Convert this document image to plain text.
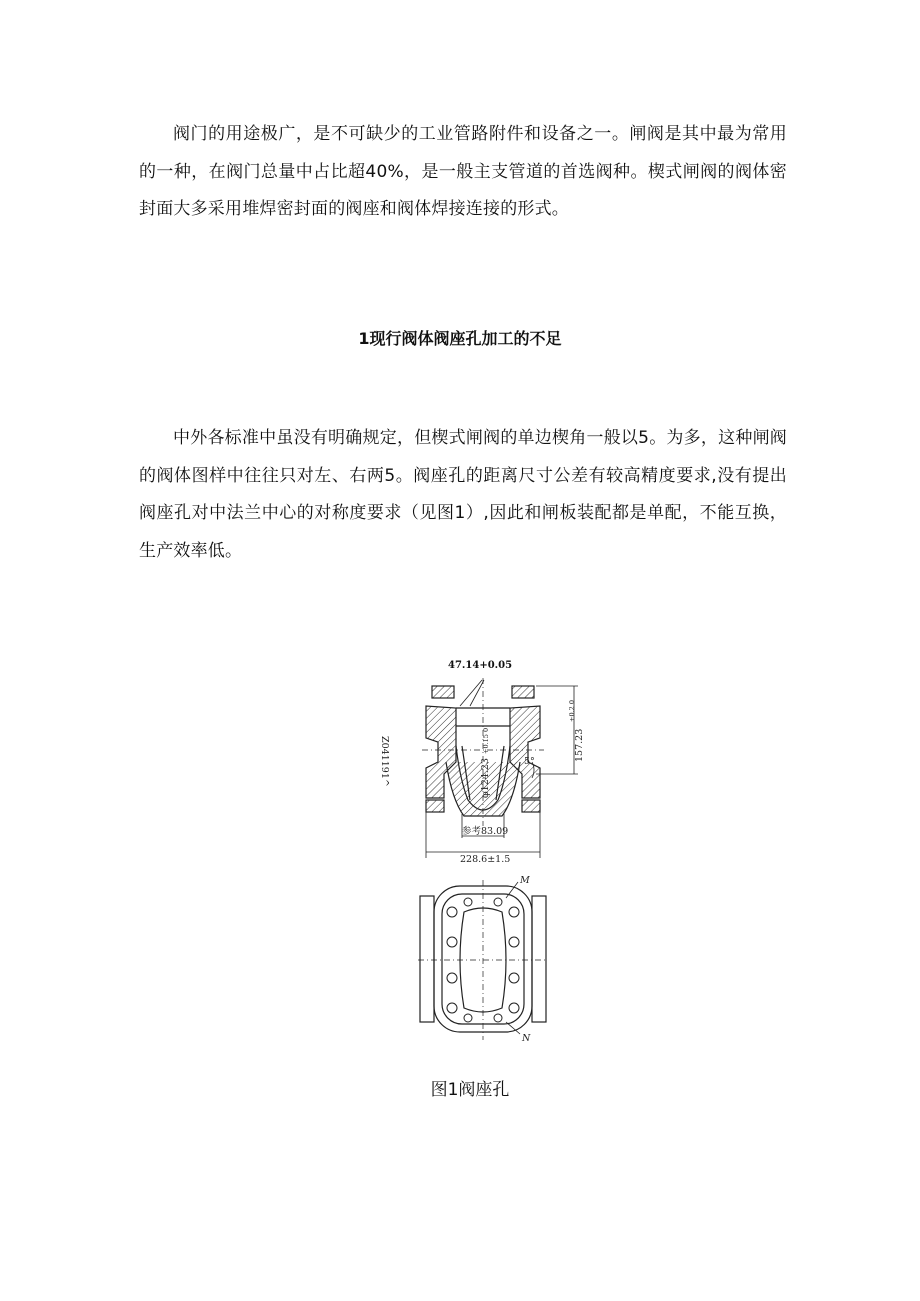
阀门的用途极广，是不可缺少的工业管路附件和设备之一。闸阀是其中最为常用的一种，在阀门总量中占比超40%，是一般主支管道的首选阀种。楔式闸阀的阀体密封面大多采用堆焊密封面的阀座和阀体焊接连接的形式。

1现行阀体阀座孔加工的不足

中外各标准中虽没有明确规定，但楔式闸阀的单边楔角一般以5。为多，这种闸阀的阀体图样中往往只对左、右两5。阀座孔的距离尺寸公差有较高精度要求,没有提出阀座孔对中法兰中心的对称度要求（见图1）,因此和闸板装配都是单配，不能互换，生产效率低。

47.14+0.05
Z041191^	157.23
+0.2 0
φ124.23
+0.15 0
5°
参考83.09
228.6±1.5
M
N

图1阀座孔
